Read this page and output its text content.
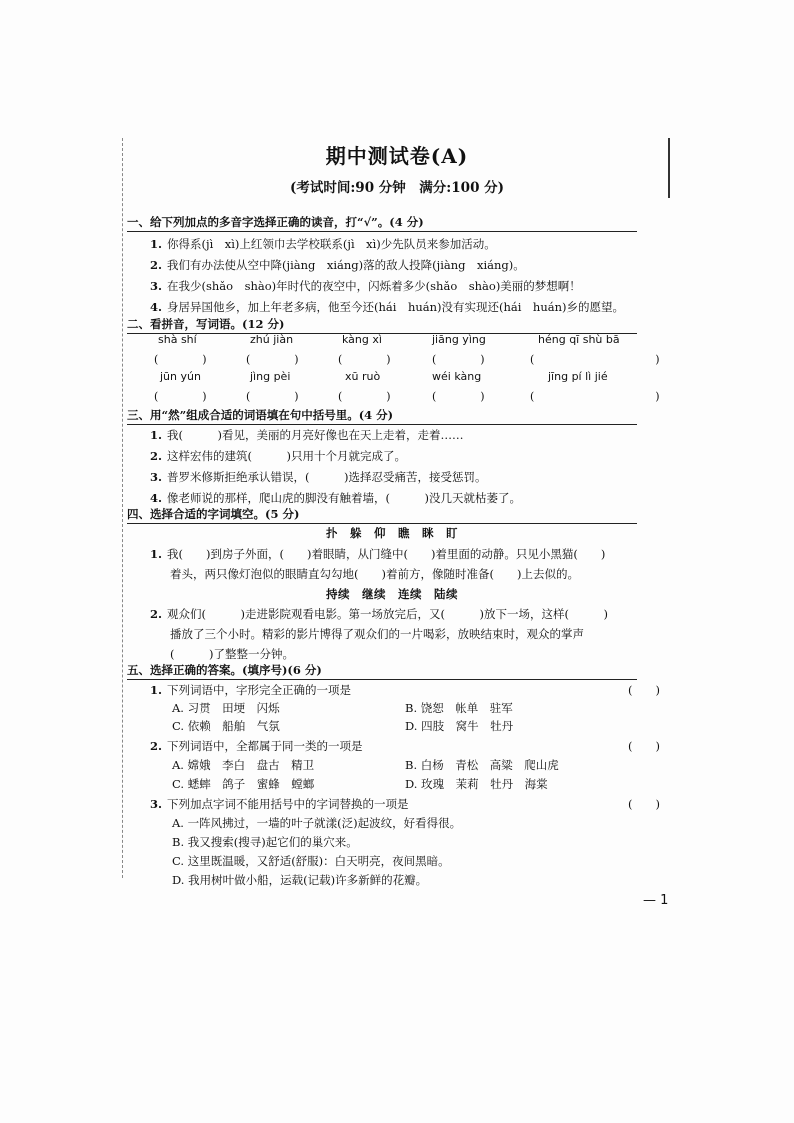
期中测试卷(A)
(考试时间:90 分钟　满分:100 分)
一、给下列加点的多音字选择正确的读音，打“√”。(4 分)
1. 你得系(jì　xì)上红领巾去学校联系(jì　xì)少先队员来参加活动。
2. 我们有办法使从空中降(jiàng　xiáng)落的敌人投降(jiàng　xiáng)。
3. 在我少(shǎo　shào)年时代的夜空中，闪烁着多少(shǎo　shào)美丽的梦想啊！
4. 身居异国他乡，加上年老多病，他至今还(hái　huán)没有实现还(hái　huán)乡的愿望。
二、看拼音，写词语。(12 分)
shà shí	zhú jiàn	kàng xì	jiāng yìng	héng qī shù bā
(　　　　)	(　　　　)	(　　　　)	(　　　　)	(　　　　　　　　　　　)
jūn yún	jìng pèi	xū ruò	wéi kàng	jīng pí lì jié
(　　　　)	(　　　　)	(　　　　)	(　　　　)	(　　　　　　　　　　　)
三、用“然”组成合适的词语填在句中括号里。(4 分)
1. 我(　　　)看见，美丽的月亮好像也在天上走着，走着……
2. 这样宏伟的建筑(　　　)只用十个月就完成了。
3. 普罗米修斯拒绝承认错误，(　　　)选择忍受痛苦，接受惩罚。
4. 像老师说的那样，爬山虎的脚没有触着墙，(　　　)没几天就枯萎了。
四、选择合适的字词填空。(5 分)
扑　躲　仰　瞧　眯　盯
1. 我(　　)到房子外面，(　　)着眼睛，从门缝中(　　)着里面的动静。只见小黑猫(　　)
着头，两只像灯泡似的眼睛直勾勾地(　　)着前方，像随时准备(　　)上去似的。
持续　继续　连续　陆续
2. 观众们(　　　)走进影院观看电影。第一场放完后，又(　　　)放下一场，这样(　　　)
播放了三个小时。精彩的影片博得了观众们的一片喝彩，放映结束时，观众的掌声
(　　　)了整整一分钟。
五、选择正确的答案。(填序号)(6 分)
1. 下列词语中，字形完全正确的一项是	(　　)
A. 习贯　田埂　闪烁	B. 饶恕　帐单　驻军
C. 依赖　船舶　气氛	D. 四肢　窝牛　牡丹
2. 下列词语中，全都属于同一类的一项是	(　　)
A. 嫦娥　李白　盘古　精卫	B. 白杨　青松　高粱　爬山虎
C. 蟋蟀　鸽子　蜜蜂　螳螂	D. 玫瑰　茉莉　牡丹　海棠
3. 下列加点字词不能用括号中的字词替换的一项是	(　　)
A. 一阵风拂过，一墙的叶子就漾(泛)起波纹，好看得很。
B. 我又搜索(搜寻)起它们的巢穴来。
C. 这里既温暖，又舒适(舒服)：白天明亮，夜间黑暗。
D. 我用树叶做小船，运载(记载)许多新鲜的花瓣。
— 1
